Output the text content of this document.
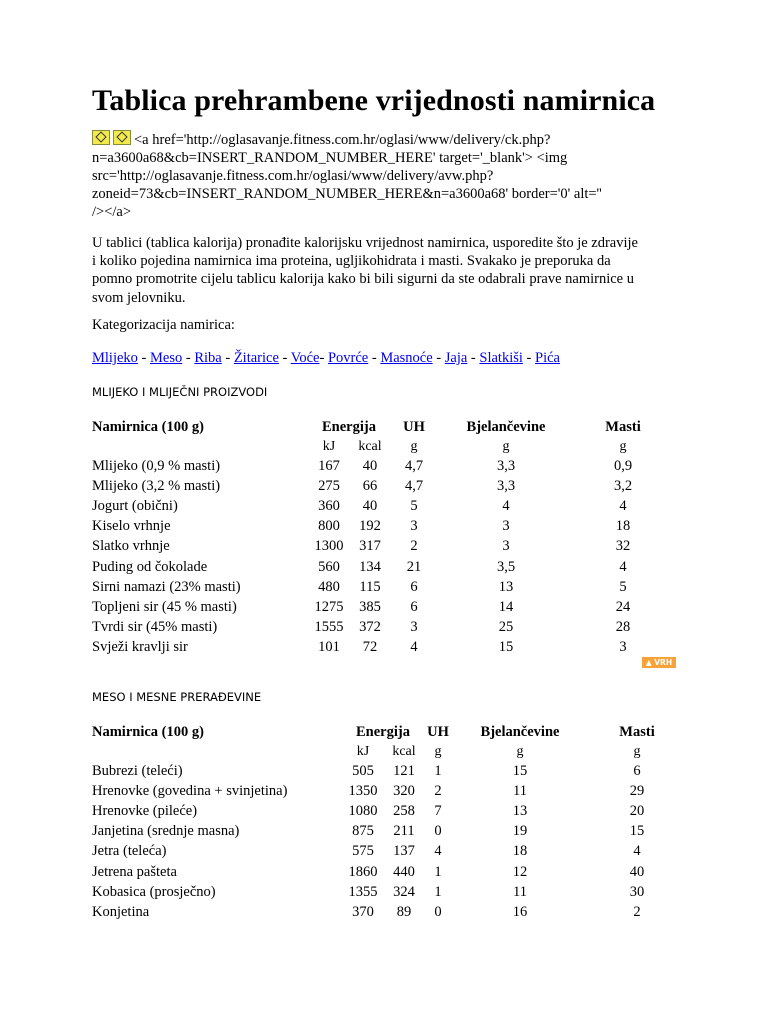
Tablica prehrambene vrijednosti namirnica
<a href='http://oglasavanje.fitness.com.hr/oglasi/www/delivery/ck.php?
n=a3600a68&cb=INSERT_RANDOM_NUMBER_HERE' target='_blank'> <img
src='http://oglasavanje.fitness.com.hr/oglasi/www/delivery/avw.php?
zoneid=73&cb=INSERT_RANDOM_NUMBER_HERE&n=a3600a68' border='0' alt=''
/></a>
U tablici (tablica kalorija) pronađite kalorijsku vrijednost namirnica, usporedite što je zdravije
i koliko pojedina namirnica ima proteina, ugljikohidrata i masti. Svakako je preporuka da
pomno promotrite cijelu tablicu kalorija kako bi bili sigurni da ste odabrali prave namirnice u
svom jelovniku.
Kategorizacija namirica:
Mlijeko - Meso - Riba - Žitarice - Voće- Povrće - Masnoće - Jaja - Slatkiši - Pića
MLIJEKO I MLIJEČNI PROIZVODI
Namirnica (100 g)	Energija		UH	Bjelančevine	Masti
	kJ	kcal	g	g	g
Mlijeko (0,9 % masti)	167	40	4,7	3,3	0,9
Mlijeko (3,2 % masti)	275	66	4,7	3,3	3,2
Jogurt (obični)	360	40	5	4	4
Kiselo vrhnje	800	192	3	3	18
Slatko vrhnje	1300	317	2	3	32
Puding od čokolade	560	134	21	3,5	4
Sirni namazi (23% masti)	480	115	6	13	5
Topljeni sir (45 % masti)	1275	385	6	14	24
Tvrdi sir (45% masti)	1555	372	3	25	28
Svježi kravlji sir	101	72	4	15	3
▲ VRH
MESO I MESNE PRERAĐEVINE
Namirnica (100 g)	Energija		UH	Bjelančevine	Masti
	kJ	kcal	g	g	g
Bubrezi (teleći)	505	121	1	15	6
Hrenovke (govedina + svinjetina)	1350	320	2	11	29
Hrenovke (pileće)	1080	258	7	13	20
Janjetina (srednje masna)	875	211	0	19	15
Jetra (teleća)	575	137	4	18	4
Jetrena pašteta	1860	440	1	12	40
Kobasica (prosječno)	1355	324	1	11	30
Konjetina	370	89	0	16	2
